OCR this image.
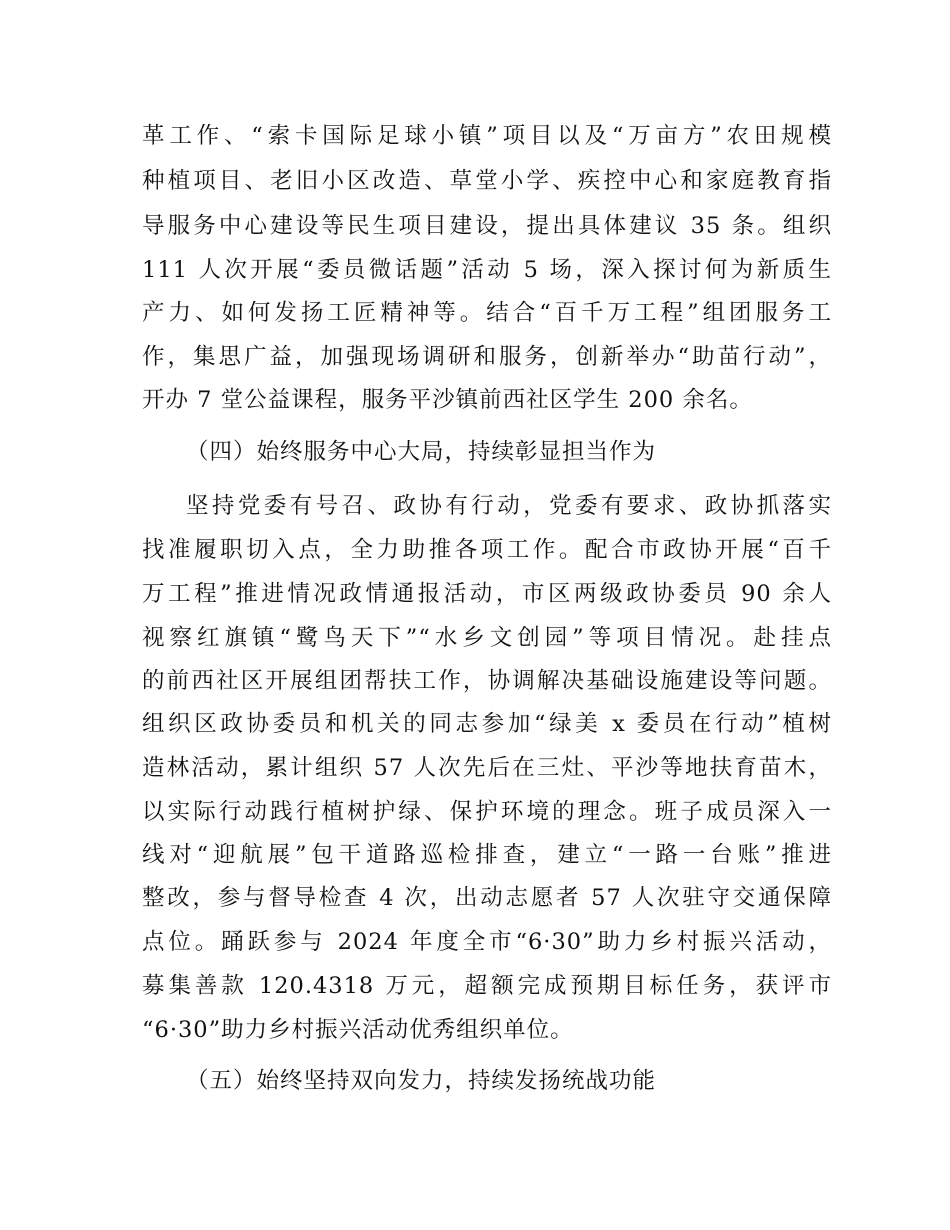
革工作、“索卡国际足球小镇”项目以及“万亩方”农田规模
种植项目、老旧小区改造、草堂小学、疾控中心和家庭教育指
导服务中心建设等民生项目建设，提出具体建议 35 条。组织
111 人次开展“委员微话题”活动 5 场，深入探讨何为新质生
产力、如何发扬工匠精神等。结合“百千万工程”组团服务工
作，集思广益，加强现场调研和服务，创新举办“助苗行动”，
开办 7 堂公益课程，服务平沙镇前西社区学生 200 余名。
（四）始终服务中心大局，持续彰显担当作为
坚持党委有号召、政协有行动，党委有要求、政协抓落实
找准履职切入点，全力助推各项工作。配合市政协开展“百千
万工程”推进情况政情通报活动，市区两级政协委员 90 余人
视察红旗镇“鹭鸟天下”“水乡文创园”等项目情况。赴挂点
的前西社区开展组团帮扶工作，协调解决基础设施建设等问题。
组织区政协委员和机关的同志参加“绿美 x 委员在行动”植树
造林活动，累计组织 57 人次先后在三灶、平沙等地扶育苗木，
以实际行动践行植树护绿、保护环境的理念。班子成员深入一
线对“迎航展”包干道路巡检排查，建立“一路一台账”推进
整改，参与督导检查 4 次，出动志愿者 57 人次驻守交通保障
点位。踊跃参与 2024 年度全市“6·30”助力乡村振兴活动，
募集善款 120.4318 万元，超额完成预期目标任务，获评市
“6·30”助力乡村振兴活动优秀组织单位。
（五）始终坚持双向发力，持续发扬统战功能
